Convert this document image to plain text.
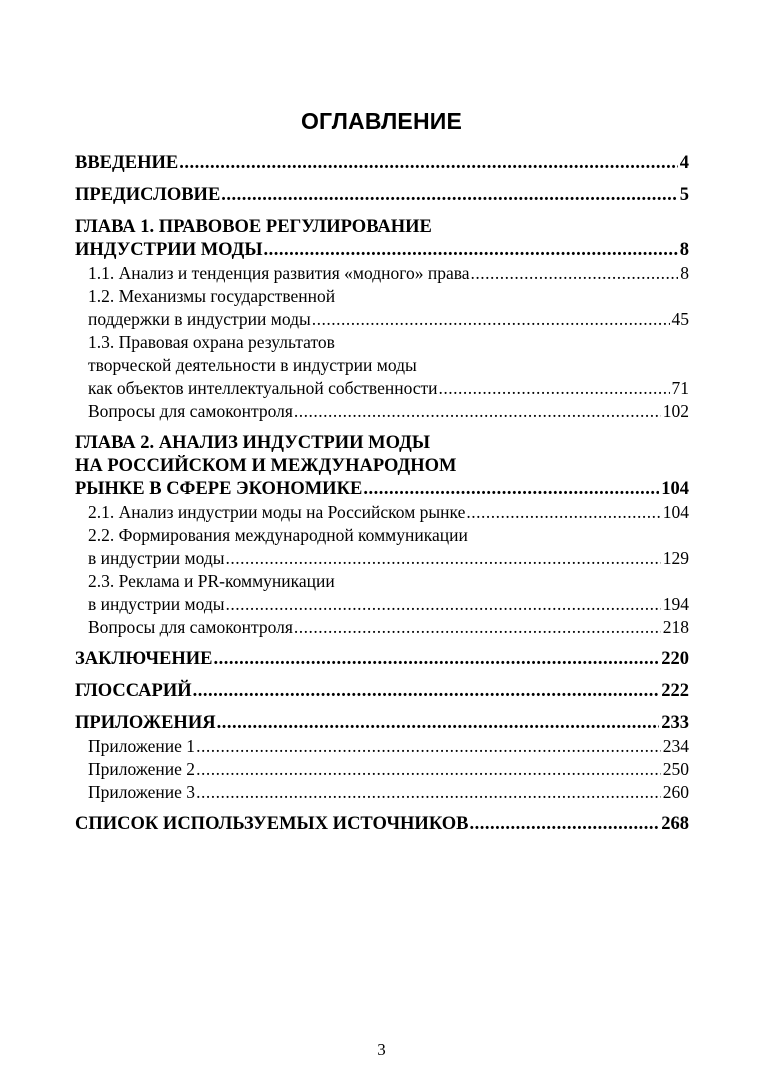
ОГЛАВЛЕНИЕ
ВВЕДЕНИЕ .....	4
ПРЕДИСЛОВИЕ .....	5
ГЛАВА 1. ПРАВОВОЕ РЕГУЛИРОВАНИЕ
ИНДУСТРИИ МОДЫ .....	8
1.1. Анализ и тенденция развития «модного» права .....	8
1.2. Механизмы государственной
поддержки в индустрии моды .....	45
1.3. Правовая охрана результатов
творческой деятельности в индустрии моды
как объектов интеллектуальной собственности .....	71
Вопросы для самоконтроля .....	102
ГЛАВА 2. АНАЛИЗ ИНДУСТРИИ МОДЫ
НА РОССИЙСКОМ И МЕЖДУНАРОДНОМ
РЫНКЕ В СФЕРЕ ЭКОНОМИКЕ .....	104
2.1. Анализ индустрии моды на Российском рынке .....	104
2.2. Формирования международной коммуникации
в индустрии моды .....	129
2.3. Реклама и PR-коммуникации
в индустрии моды .....	194
Вопросы для самоконтроля .....	218
ЗАКЛЮЧЕНИЕ .....	220
ГЛОССАРИЙ .....	222
ПРИЛОЖЕНИЯ .....	233
Приложение 1 .....	234
Приложение 2 .....	250
Приложение 3 .....	260
СПИСОК ИСПОЛЬЗУЕМЫХ ИСТОЧНИКОВ .....	268
3
